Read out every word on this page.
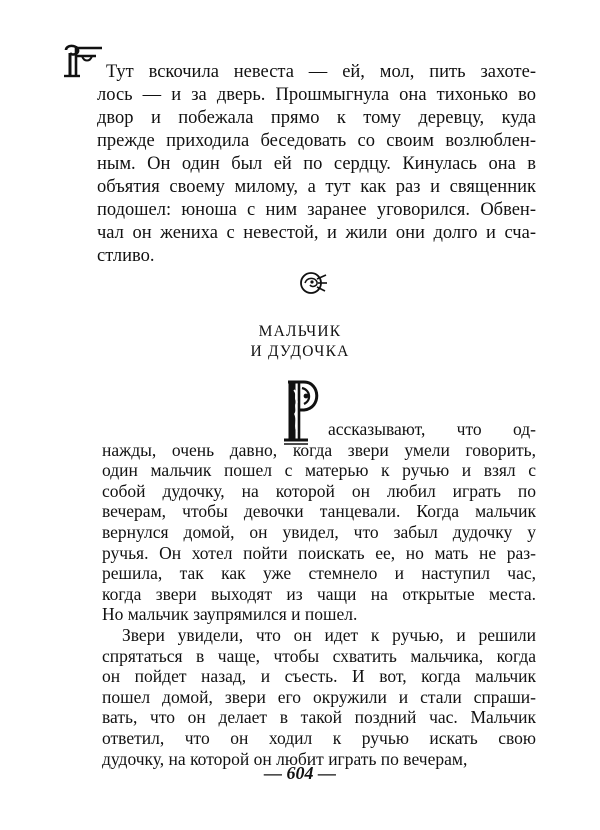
Тут вскочила невеста — ей, мол, пить захоте-
лось — и за дверь. Прошмыгнула она тихонько во
двор и побежала прямо к тому деревцу, куда
прежде приходила беседовать со своим возлюблен-
ным. Он один был ей по сердцу. Кинулась она в
объятия своему милому, а тут как раз и священник
подошел: юноша с ним заранее уговорился. Обвен-
чал он жениха с невестой, и жили они долго и сча-
стливо.
МАЛЬЧИК
И ДУДОЧКА
ассказывают, что од-
нажды, очень давно, когда звери умели говорить,
один мальчик пошел с матерью к ручью и взял с
собой дудочку, на которой он любил играть по
вечерам, чтобы девочки танцевали. Когда мальчик
вернулся домой, он увидел, что забыл дудочку у
ручья. Он хотел пойти поискать ее, но мать не раз-
решила, так как уже стемнело и наступил час,
когда звери выходят из чащи на открытые места.
Но мальчик заупрямился и пошел.
— 604 —
Звери увидели, что он идет к ручью, и решили
спрятаться в чаще, чтобы схватить мальчика, когда
он пойдет назад, и съесть. И вот, когда мальчик
пошел домой, звери его окружили и стали спраши-
вать, что он делает в такой поздний час. Мальчик
ответил, что он ходил к ручью искать свою
дудочку, на которой он любит играть по вечерам,
